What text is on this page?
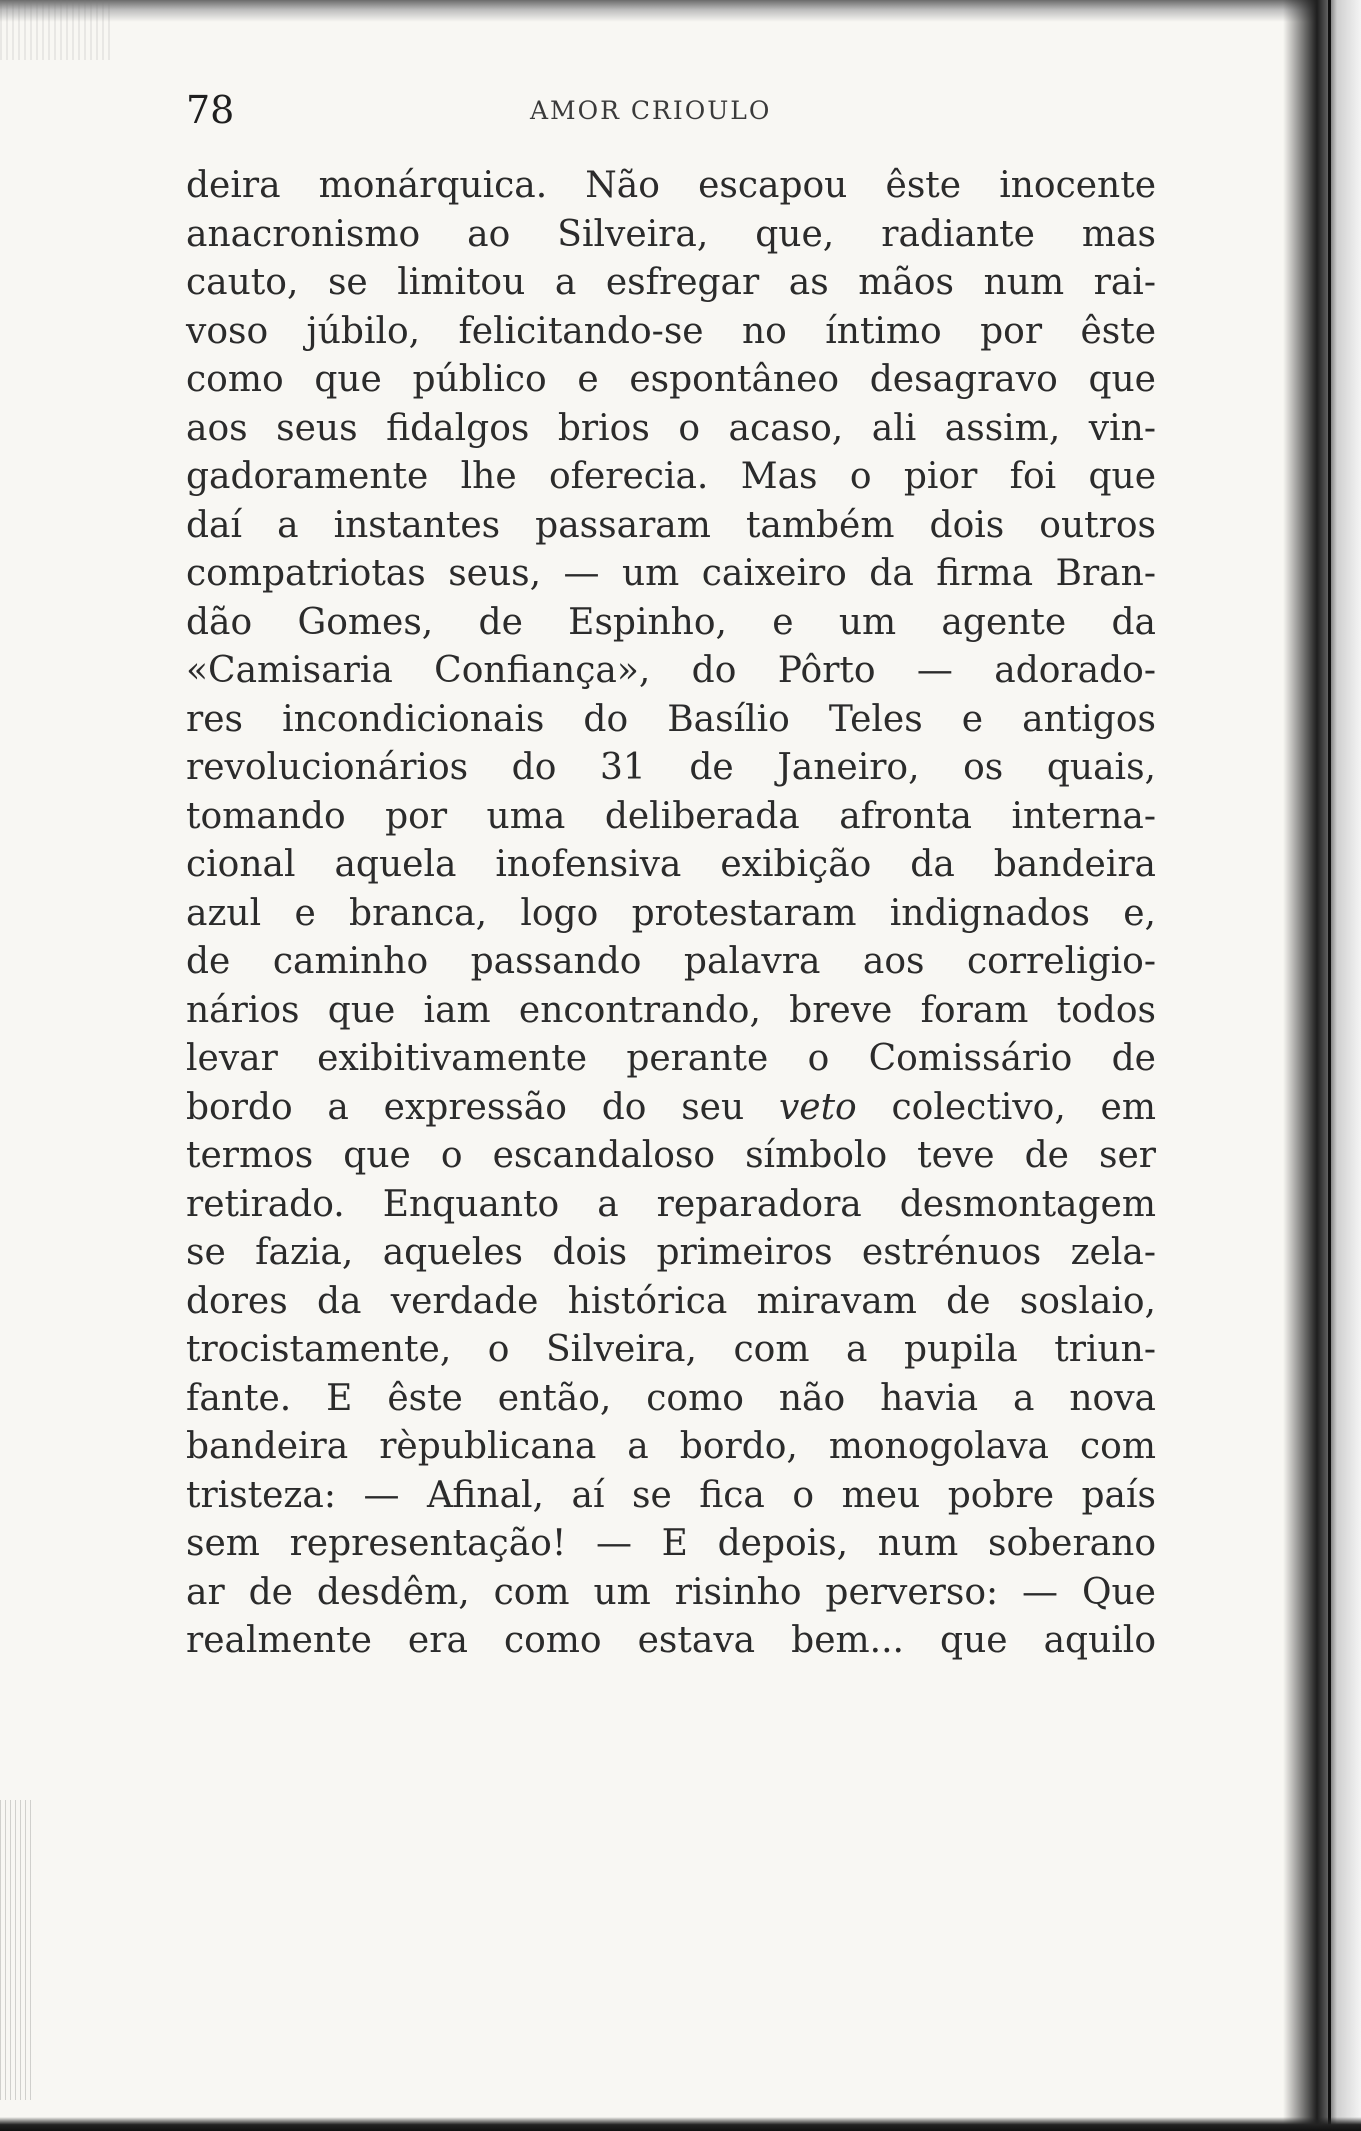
78	AMOR CRIOULO
deira monárquica. Não escapou êste inocente
anacronismo ao Silveira, que, radiante mas
cauto, se limitou a esfregar as mãos num rai-
voso júbilo, felicitando-se no íntimo por êste
como que público e espontâneo desagravo que
aos seus fidalgos brios o acaso, ali assim, vin-
gadoramente lhe oferecia. Mas o pior foi que
daí a instantes passaram também dois outros
compatriotas seus, — um caixeiro da firma Bran-
dão Gomes, de Espinho, e um agente da
«Camisaria Confiança», do Pôrto — adorado-
res incondicionais do Basílio Teles e antigos
revolucionários do 31 de Janeiro, os quais,
tomando por uma deliberada afronta interna-
cional aquela inofensiva exibição da bandeira
azul e branca, logo protestaram indignados e,
de caminho passando palavra aos correligio-
nários que iam encontrando, breve foram todos
levar exibitivamente perante o Comissário de
bordo a expressão do seu veto colectivo, em
termos que o escandaloso símbolo teve de ser
retirado. Enquanto a reparadora desmontagem
se fazia, aqueles dois primeiros estrénuos zela-
dores da verdade histórica miravam de soslaio,
trocistamente, o Silveira, com a pupila triun-
fante. E êste então, como não havia a nova
bandeira rèpublicana a bordo, monogolava com
tristeza: — Afinal, aí se fica o meu pobre país
sem representação! — E depois, num soberano
ar de desdêm, com um risinho perverso: — Que
realmente era como estava bem... que aquilo
